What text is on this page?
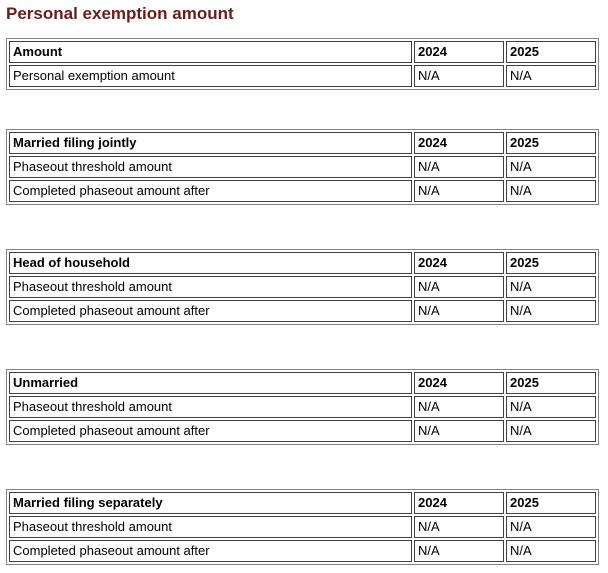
Personal exemption amount
Amount	2024	2025
Personal exemption amount	N/A	N/A
Married filing jointly	2024	2025
Phaseout threshold amount	N/A	N/A
Completed phaseout amount after	N/A	N/A
Head of household	2024	2025
Phaseout threshold amount	N/A	N/A
Completed phaseout amount after	N/A	N/A
Unmarried	2024	2025
Phaseout threshold amount	N/A	N/A
Completed phaseout amount after	N/A	N/A
Married filing separately	2024	2025
Phaseout threshold amount	N/A	N/A
Completed phaseout amount after	N/A	N/A
